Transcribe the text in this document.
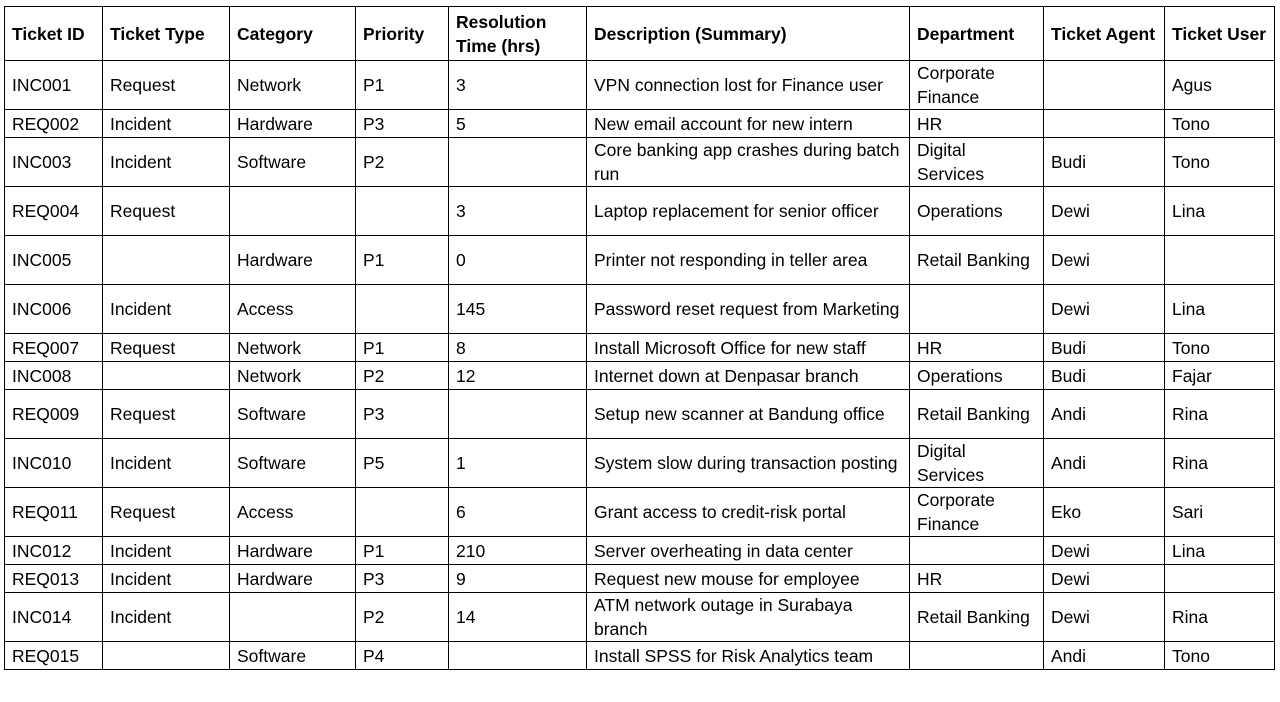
Ticket ID	Ticket Type	Category	Priority	Resolution Time (hrs)	Description (Summary)	Department	Ticket Agent	Ticket User
INC001	Request	Network	P1	3	VPN connection lost for Finance user	Corporate Finance		Agus
REQ002	Incident	Hardware	P3	5	New email account for new intern	HR		Tono
INC003	Incident	Software	P2		Core banking app crashes during batch run	Digital Services	Budi	Tono
REQ004	Request			3	Laptop replacement for senior officer	Operations	Dewi	Lina
INC005		Hardware	P1	0	Printer not responding in teller area	Retail Banking	Dewi	
INC006	Incident	Access		145	Password reset request from Marketing		Dewi	Lina
REQ007	Request	Network	P1	8	Install Microsoft Office for new staff	HR	Budi	Tono
INC008		Network	P2	12	Internet down at Denpasar branch	Operations	Budi	Fajar
REQ009	Request	Software	P3		Setup new scanner at Bandung office	Retail Banking	Andi	Rina
INC010	Incident	Software	P5	1	System slow during transaction posting	Digital Services	Andi	Rina
REQ011	Request	Access		6	Grant access to credit-risk portal	Corporate Finance	Eko	Sari
INC012	Incident	Hardware	P1	210	Server overheating in data center		Dewi	Lina
REQ013	Incident	Hardware	P3	9	Request new mouse for employee	HR	Dewi	
INC014	Incident		P2	14	ATM network outage in Surabaya branch	Retail Banking	Dewi	Rina
REQ015		Software	P4		Install SPSS for Risk Analytics team		Andi	Tono
